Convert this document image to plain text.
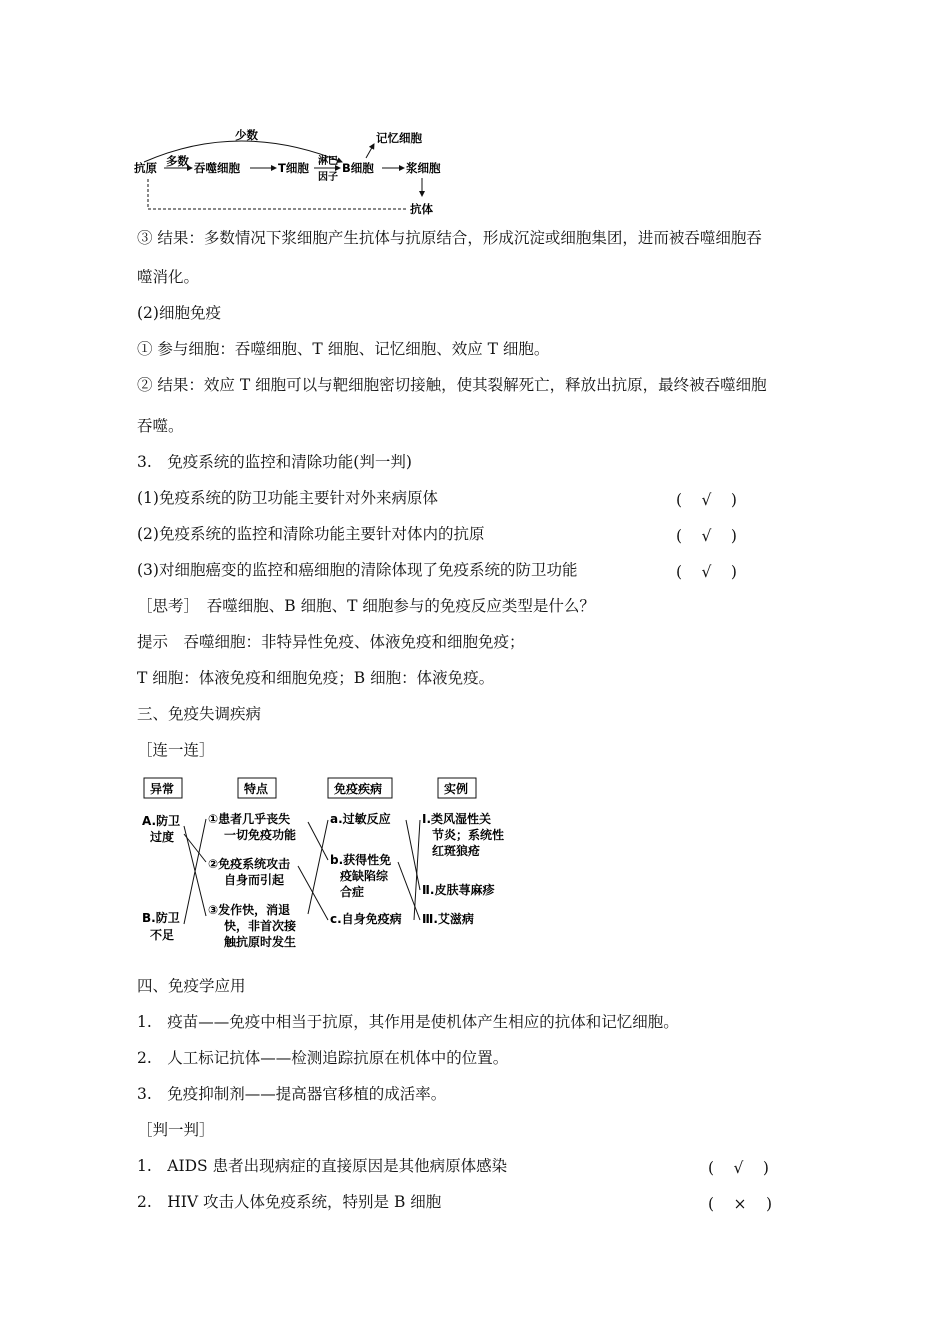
少数
抗原 多数 吞噬细胞	T细胞 淋巴
因子
B细胞
记忆细胞
浆细胞
抗体
③ 结果：多数情况下浆细胞产生抗体与抗原结合，形成沉淀或细胞集团，进而被吞噬细胞吞
噬消化。
(2)细胞免疫
① 参与细胞：吞噬细胞、T 细胞、记忆细胞、效应 T 细胞。
② 结果：效应 T 细胞可以与靶细胞密切接触，使其裂解死亡，释放出抗原，最终被吞噬细胞
吞噬。
3.　免疫系统的监控和清除功能(判一判)
(1)免疫系统的防卫功能主要针对外来病原体	(　√　)
(2)免疫系统的监控和清除功能主要针对体内的抗原	(　√　)
(3)对细胞癌变的监控和癌细胞的清除体现了免疫系统的防卫功能	(　√　)
［思考］　吞噬细胞、B 细胞、T 细胞参与的免疫反应类型是什么？
提示　吞噬细胞：非特异性免疫、体液免疫和细胞免疫；
T 细胞：体液免疫和细胞免疫；B 细胞：体液免疫。
三、免疫失调疾病
［连一连］
异常	特点	免疫疾病	实例
A.防卫
过度
B.防卫
不足
①患者几乎丧失
一切免疫功能
②免疫系统攻击
自身而引起
③发作快，消退
快，非首次接
触抗原时发生
a.过敏反应
b.获得性免
疫缺陷综
合症
c.自身免疫病
Ⅰ.类风湿性关
节炎；系统性
红斑狼疮
Ⅱ.皮肤荨麻疹
Ⅲ.艾滋病
四、免疫学应用
1.　疫苗——免疫中相当于抗原，其作用是使机体产生相应的抗体和记忆细胞。
2.　人工标记抗体——检测追踪抗原在机体中的位置。
3.　免疫抑制剂——提高器官移植的成活率。
［判一判］
1.　AIDS 患者出现病症的直接原因是其他病原体感染	(　√　)
2.　HIV 攻击人体免疫系统，特别是 B 细胞	(　×　)
